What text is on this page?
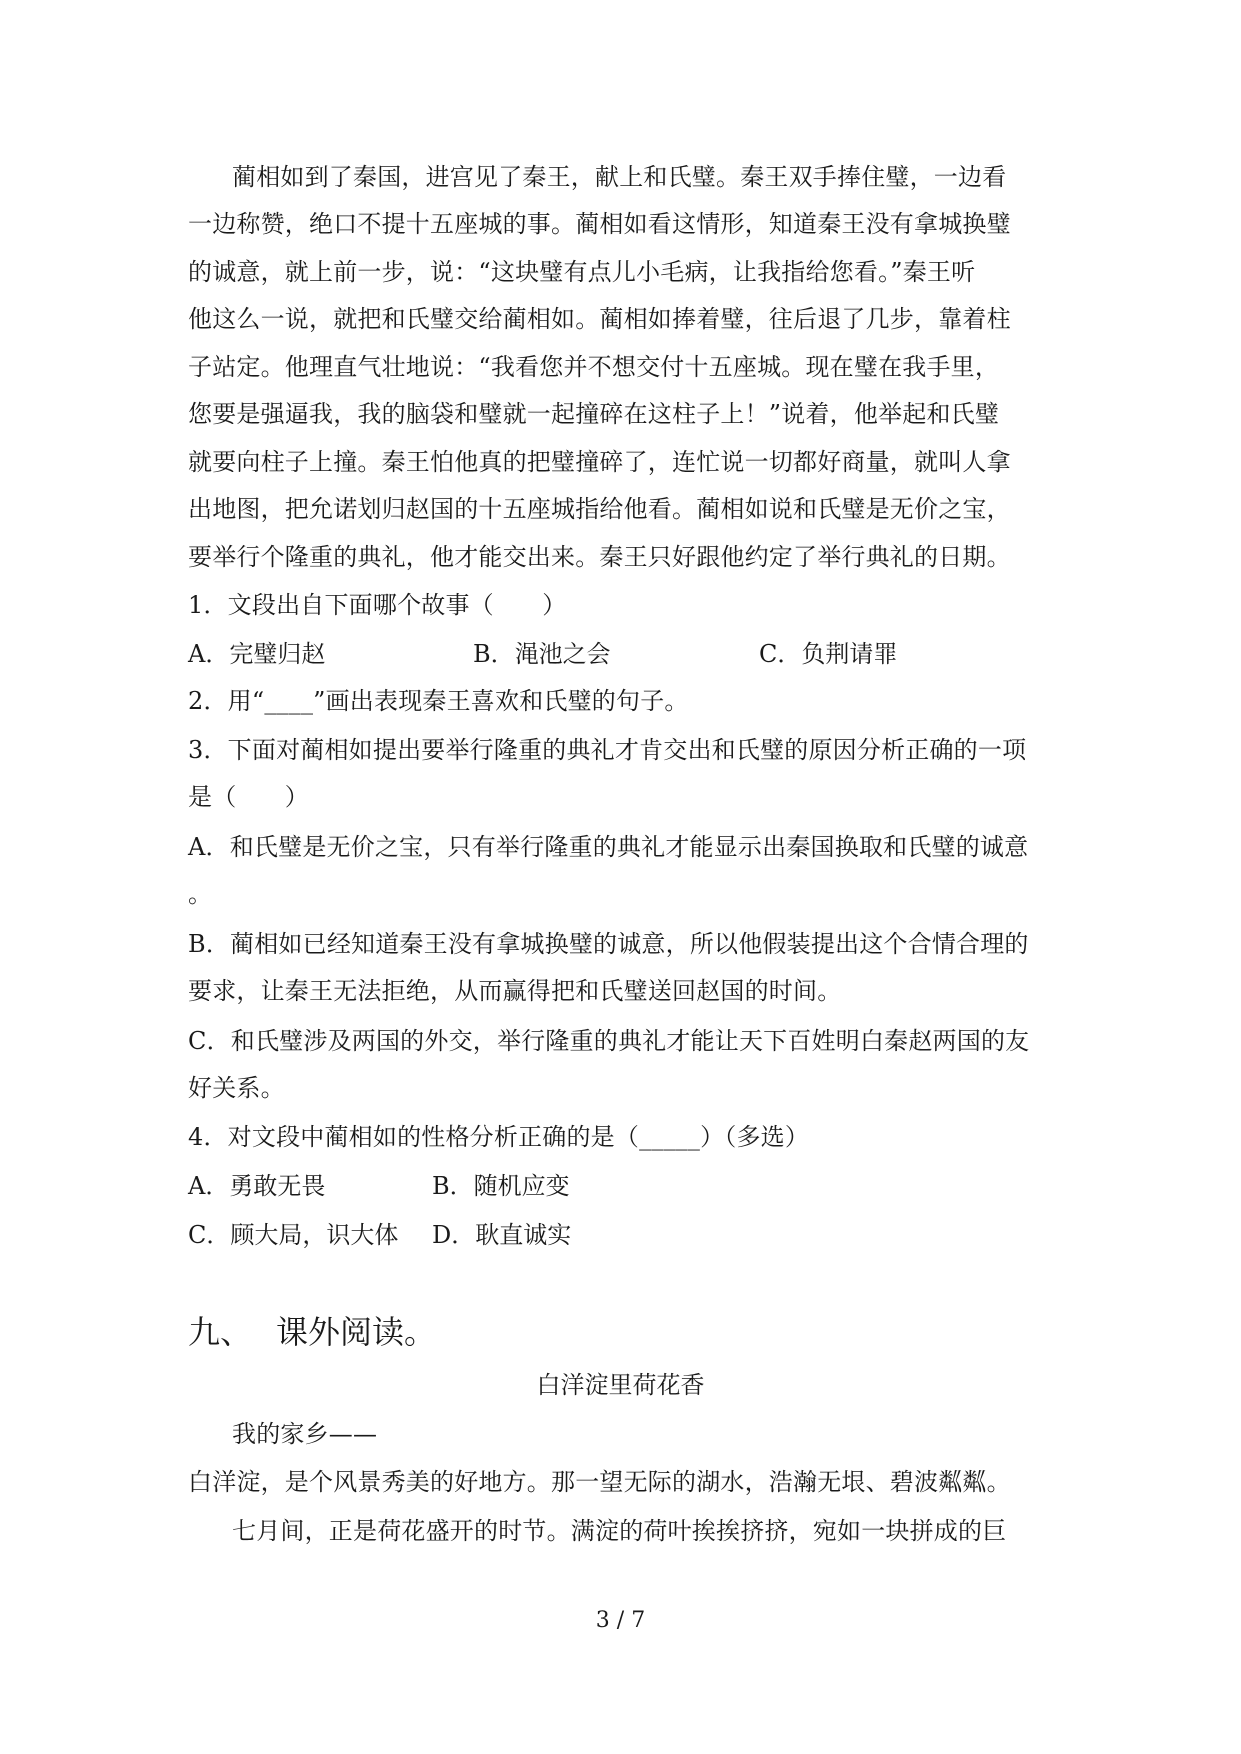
蔺相如到了秦国，进宫见了秦王，献上和氏璧。秦王双手捧住璧，一边看
一边称赞，绝口不提十五座城的事。蔺相如看这情形，知道秦王没有拿城换璧
的诚意，就上前一步，说：“这块璧有点儿小毛病，让我指给您看。”秦王听
他这么一说，就把和氏璧交给蔺相如。蔺相如捧着璧，往后退了几步，靠着柱
子站定。他理直气壮地说：“我看您并不想交付十五座城。现在璧在我手里，
您要是强逼我，我的脑袋和璧就一起撞碎在这柱子上！”说着，他举起和氏璧
就要向柱子上撞。秦王怕他真的把璧撞碎了，连忙说一切都好商量，就叫人拿
出地图，把允诺划归赵国的十五座城指给他看。蔺相如说和氏璧是无价之宝，
要举行个隆重的典礼，他才能交出来。秦王只好跟他约定了举行典礼的日期。
1．文段出自下面哪个故事（　　）
A．完璧归赵	B．渑池之会	C．负荆请罪
2．用“____”画出表现秦王喜欢和氏璧的句子。
3．下面对蔺相如提出要举行隆重的典礼才肯交出和氏璧的原因分析正确的一项
是（　　）
A．和氏璧是无价之宝，只有举行隆重的典礼才能显示出秦国换取和氏璧的诚意
。
B．蔺相如已经知道秦王没有拿城换璧的诚意，所以他假装提出这个合情合理的
要求，让秦王无法拒绝，从而赢得把和氏璧送回赵国的时间。
C．和氏璧涉及两国的外交，举行隆重的典礼才能让天下百姓明白秦赵两国的友
好关系。
4．对文段中蔺相如的性格分析正确的是（_____）（多选）
A．勇敢无畏	B．随机应变
C．顾大局，识大体 D．耿直诚实
九、 课外阅读。
白洋淀里荷花香
我的家乡——
白洋淀，是个风景秀美的好地方。那一望无际的湖水，浩瀚无垠、碧波粼粼。
七月间，正是荷花盛开的时节。满淀的荷叶挨挨挤挤，宛如一块拼成的巨
3 / 7
